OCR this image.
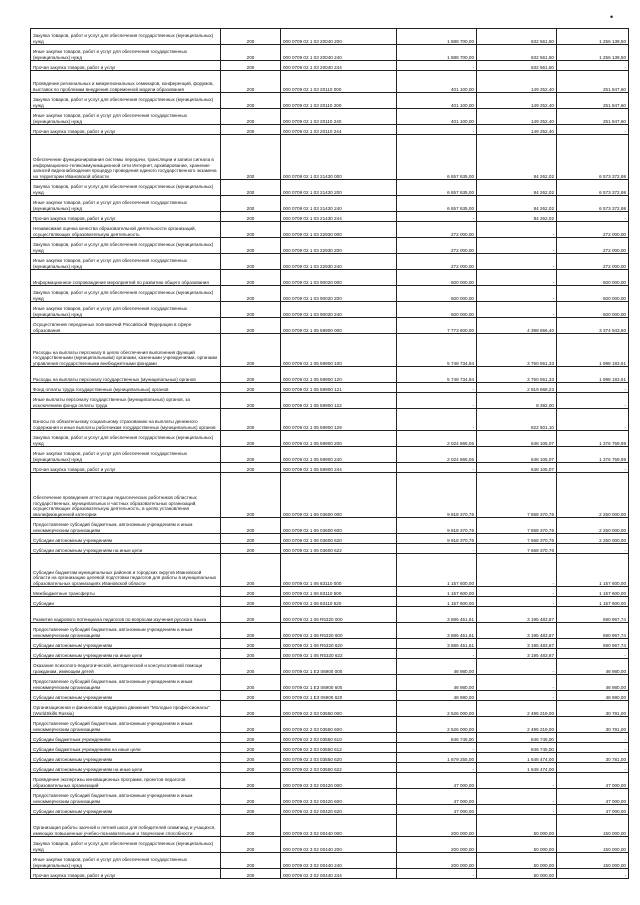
•
Закупка товаров, работ и услуг для обеспечения государственных (муниципальных) нужд	200	000 0709 02 1 03 20040 200	1 888 700,00	632 561,50	1 256 138,50
Иные закупки товаров, работ и услуг для обеспечения государственных (муниципальных) нужд	200	000 0709 02 1 03 20040 240	1 888 700,00	632 561,50	1 256 138,50
Прочая закупка товаров, работ и услуг	200	000 0709 02 1 03 20040 244	-	632 561,50	-
Проведение региональных и межрегиональных семинаров, конференций, форумов, выставок по проблемам внедрения современной модели образования	200	000 0709 02 1 03 20110 000	401 100,00	149 252,40	251 847,60
Закупка товаров, работ и услуг для обеспечения государственных (муниципальных) нужд	200	000 0709 02 1 03 20110 200	401 100,00	149 252,40	251 847,60
Иные закупки товаров, работ и услуг для обеспечения государственных (муниципальных) нужд	200	000 0709 02 1 03 20110 240	401 100,00	149 252,40	251 847,60
Прочая закупка товаров, работ и услуг	200	000 0709 02 1 03 20110 244	-	149 252,40	-
Обеспечение функционирования системы передачи, трансляции и записи сигнала в информационно-телекоммуникационной сети Интернет, архивирование, хранение записей видеонаблюдения процедур проведения единого государственного экзамена на территории Ивановской области	200	000 0709 02 1 03 21430 000	6 657 635,00	84 262,02	6 573 372,98
Закупка товаров, работ и услуг для обеспечения государственных (муниципальных) нужд	200	000 0709 02 1 03 21430 200	6 657 635,00	84 262,02	6 573 372,98
Иные закупки товаров, работ и услуг для обеспечения государственных (муниципальных) нужд	200	000 0709 02 1 03 21430 240	6 657 635,00	84 262,02	6 573 372,98
Прочая закупка товаров, работ и услуг	200	000 0709 02 1 03 21430 244	-	84 262,02	-
Независимая оценка качества образовательной деятельности организаций, осуществляющих образовательную деятельность	200	000 0709 02 1 03 22930 000	272 000,00	-	272 000,00
Закупка товаров, работ и услуг для обеспечения государственных (муниципальных) нужд	200	000 0709 02 1 03 22930 200	272 000,00	-	272 000,00
Иные закупки товаров, работ и услуг для обеспечения государственных (муниципальных) нужд	200	000 0709 02 1 03 22930 240	272 000,00	-	272 000,00
Информационное сопровождение мероприятий по развитию общего образования	200	000 0709 02 1 03 90020 000	500 000,00	-	500 000,00
Закупка товаров, работ и услуг для обеспечения государственных (муниципальных) нужд	200	000 0709 02 1 03 90020 200	500 000,00	-	500 000,00
Иные закупки товаров, работ и услуг для обеспечения государственных (муниципальных) нужд	200	000 0709 02 1 03 90020 240	500 000,00	-	500 000,00
Осуществление переданных полномочий Российской Федерации в сфере образования	200	000 0709 02 1 05 59900 000	7 773 600,00	4 398 656,40	3 374 943,60
Расходы на выплаты персоналу в целях обеспечения выполнения функций государственными (муниципальными) органами, казенными учреждениями, органами управления государственными внебюджетными фондами	200	000 0709 02 1 05 59900 100	5 748 734,94	3 750 551,33	1 998 183,61
Расходы на выплаты персоналу государственных (муниципальных) органов	200	000 0709 02 1 05 59900 120	5 748 734,94	3 750 551,33	1 998 183,61
Фонд оплаты труда государственных (муниципальных) органов	200	000 0709 02 1 05 59900 121	-	2 919 668,23	-
Иные выплаты персоналу государственных (муниципальных) органов, за исключением фонда оплаты труда	200	000 0709 02 1 05 59900 122	-	8 382,00	-
Взносы по обязательному социальному страхованию на выплаты денежного содержания и иные выплаты работникам государственных (муниципальных) органов	200	000 0709 02 1 05 59900 129	-	822 501,10	-
Закупка товаров, работ и услуг для обеспечения государственных (муниципальных) нужд	200	000 0709 02 1 05 59900 200	2 024 865,06	648 105,07	1 376 759,99
Иные закупки товаров, работ и услуг для обеспечения государственных (муниципальных) нужд	200	000 0709 02 1 05 59900 240	2 024 865,06	648 105,07	1 376 759,99
Прочая закупка товаров, работ и услуг	200	000 0709 02 1 05 59900 244	-	648 105,07	-
Обеспечение проведения аттестации педагогических работников областных государственных, муниципальных и частных образовательных организаций, осуществляющих образовательную деятельность, в целях установления квалификационной категории	200	000 0709 02 1 06 03600 000	9 918 370,76	7 668 370,76	2 250 000,00
Предоставление субсидий бюджетным, автономным учреждениям и иным некоммерческим организациям	200	000 0709 02 1 06 03600 600	9 918 370,76	7 668 370,76	2 250 000,00
Субсидии автономным учреждениям	200	000 0709 02 1 06 03600 620	9 918 370,76	7 668 370,76	2 250 000,00
Субсидии автономным учреждениям на иные цели	200	000 0709 02 1 06 03600 622	-	7 668 370,76	-
Субсидии бюджетам муниципальных районов и городских округов Ивановской области на организацию целевой подготовки педагогов для работы в муниципальных образовательных организациях Ивановской области	200	000 0709 02 1 06 83110 000	1 157 600,00	-	1 157 600,00
Межбюджетные трансферты	200	000 0709 02 1 06 83110 500	1 157 600,00	-	1 157 600,00
Субсидии	200	000 0709 02 1 06 83110 520	1 157 600,00	-	1 157 600,00
Развитие кадрового потенциала педагогов по вопросам изучения русского языка	200	000 0709 02 1 06 R5320 000	3 886 451,61	3 195 483,87	690 967,74
Предоставление субсидий бюджетным, автономным учреждениям и иным некоммерческим организациям	200	000 0709 02 1 06 R5320 600	3 886 451,61	3 195 483,87	690 967,74
Субсидии автономным учреждениям	200	000 0709 02 1 06 R5320 620	3 886 451,61	3 195 483,87	690 967,74
Субсидии автономным учреждениям на иные цели	200	000 0709 02 1 06 R5320 622	-	3 195 483,87	-
Оказание психолого-педагогической, методической и консультативной помощи гражданам, имеющим детей	200	000 0709 02 1 E3 06900 000	48 980,00	-	48 980,00
Предоставление субсидий бюджетным, автономным учреждениям и иным некоммерческим организациям	200	000 0709 02 1 E3 06900 600	48 980,00	-	48 980,00
Субсидии автономным учреждениям	200	000 0709 02 1 E3 06900 620	48 980,00	-	48 980,00
Организационная и финансовая поддержка движения "Молодые профессионалы" (WorldSkills Russia)	200	000 0709 02 2 03 03550 000	2 526 000,00	2 495 219,00	30 781,00
Предоставление субсидий бюджетным, автономным учреждениям и иным некоммерческим организациям	200	000 0709 02 2 03 03550 600	2 526 000,00	2 495 219,00	30 781,00
Субсидии бюджетным учреждениям	200	000 0709 02 2 03 03550 610	846 745,00	846 745,00	-
Субсидии бюджетным учреждениям на иные цели	200	000 0709 02 2 03 03550 612	-	846 745,00	-
Субсидии автономным учреждениям	200	000 0709 02 2 03 03550 620	1 679 255,00	1 648 474,00	30 781,00
Субсидии автономным учреждениям на иные цели	200	000 0709 02 2 03 03550 622	-	1 648 474,00	-
Проведение экспертизы инновационных программ, проектов педагогов образовательных организаций	200	000 0709 02 3 02 00420 000	47 000,00	-	47 000,00
Предоставление субсидий бюджетным, автономным учреждениям и иным некоммерческим организациям	200	000 0709 02 3 02 00420 600	47 000,00	-	47 000,00
Субсидии автономным учреждениям	200	000 0709 02 3 02 00420 620	47 000,00	-	47 000,00
Организация работы заочной и летней школ для победителей олимпиад и учащихся, имеющих повышенные учебно-познавательные и творческие способности	200	000 0709 02 3 02 00440 000	200 000,00	50 000,00	150 000,00
Закупка товаров, работ и услуг для обеспечения государственных (муниципальных) нужд	200	000 0709 02 3 02 00440 200	200 000,00	50 000,00	150 000,00
Иные закупки товаров, работ и услуг для обеспечения государственных (муниципальных) нужд	200	000 0709 02 3 02 00440 240	200 000,00	50 000,00	150 000,00
Прочая закупка товаров, работ и услуг	200	000 0709 02 3 02 00440 244	-	50 000,00	-
